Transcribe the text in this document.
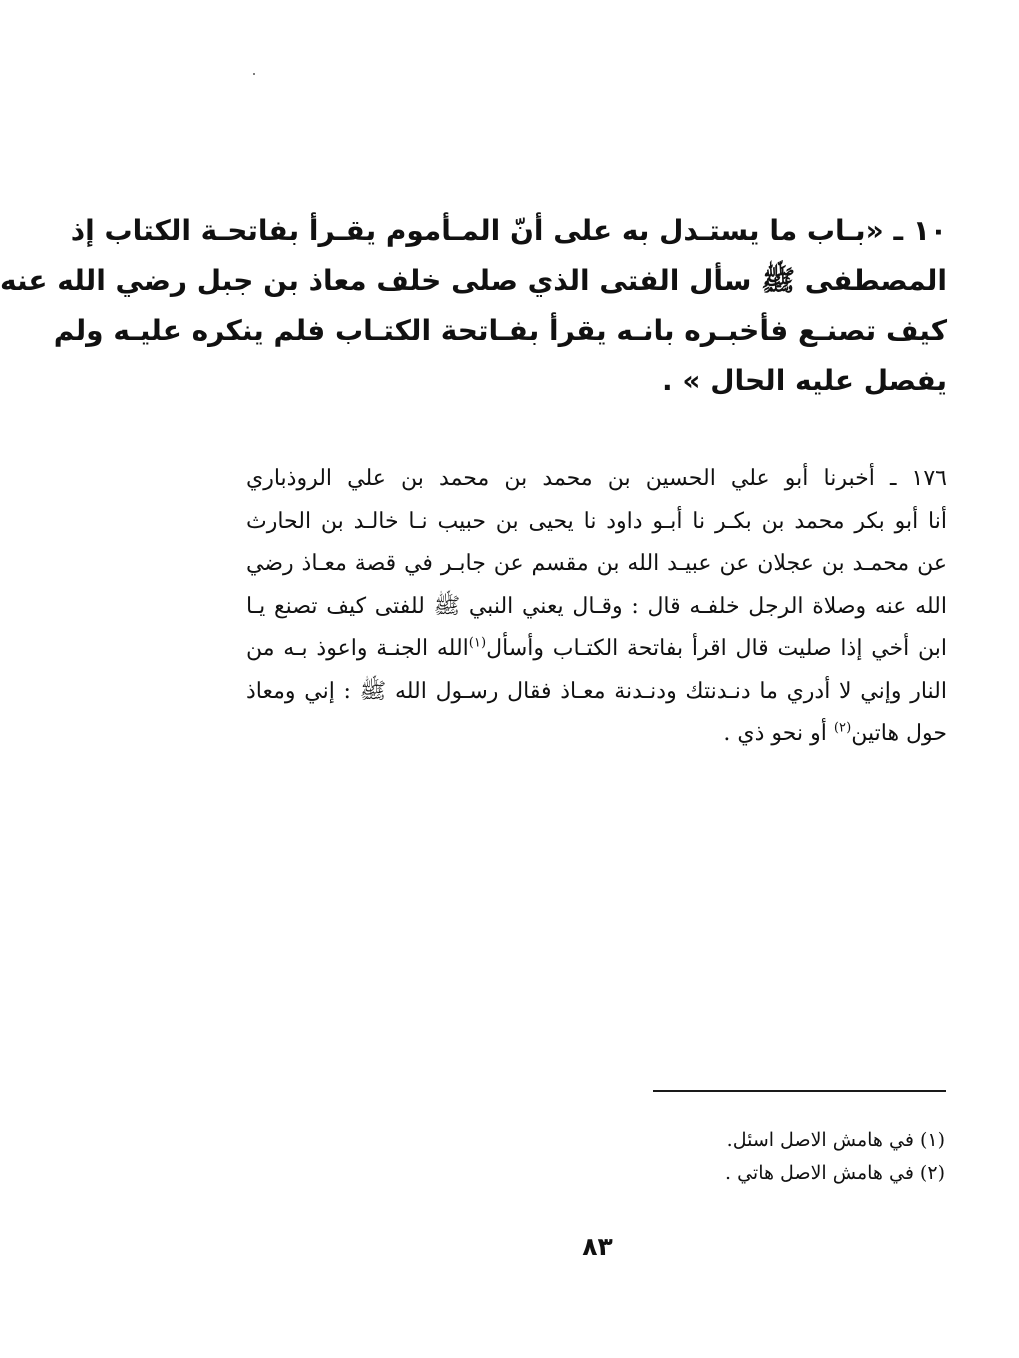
١٠ ـ «بـاب ما يستـدل به على أنّ المـأموم يقـرأ بفاتحـة الكتاب إذ
المصطفى ﷺ سأل الفتى الذي صلى خلف معاذ بن جبل رضي الله عنه
كيف تصنـع فأخبـره بانـه يقرأ بفـاتحة الكتـاب فلم ينكره عليـه ولم
يفصل عليه الحال » .
١٧٦ ـ أخبرنا أبو علي الحسين بن محمد بن محمد بن علي الروذباري
أنا أبو بكر محمد بن بكـر نا أبـو داود نا يحيى بن حبيب نـا خالـد بن الحارث
عن محمـد بن عجلان عن عبيـد الله بن مقسم عن جابـر في قصة معـاذ رضي
الله عنه وصلاة الرجل خلفـه قال : وقـال يعني النبي ﷺ للفتى كيف تصنع يـا
ابن أخي إذا صليت قال اقرأ بفاتحة الكتـاب وأسأل$^{(١)}$الله الجنـة واعوذ بـه من
النار وإني لا أدري ما دنـدنتك ودنـدنة معـاذ فقال رسـول الله ﷺ : إني ومعاذ
حول هاتين$^{(٢)}$ أو نحو ذي .
(١) في هامش الاصل اسئل.
(٢) في هامش الاصل هاتي .
٨٣
